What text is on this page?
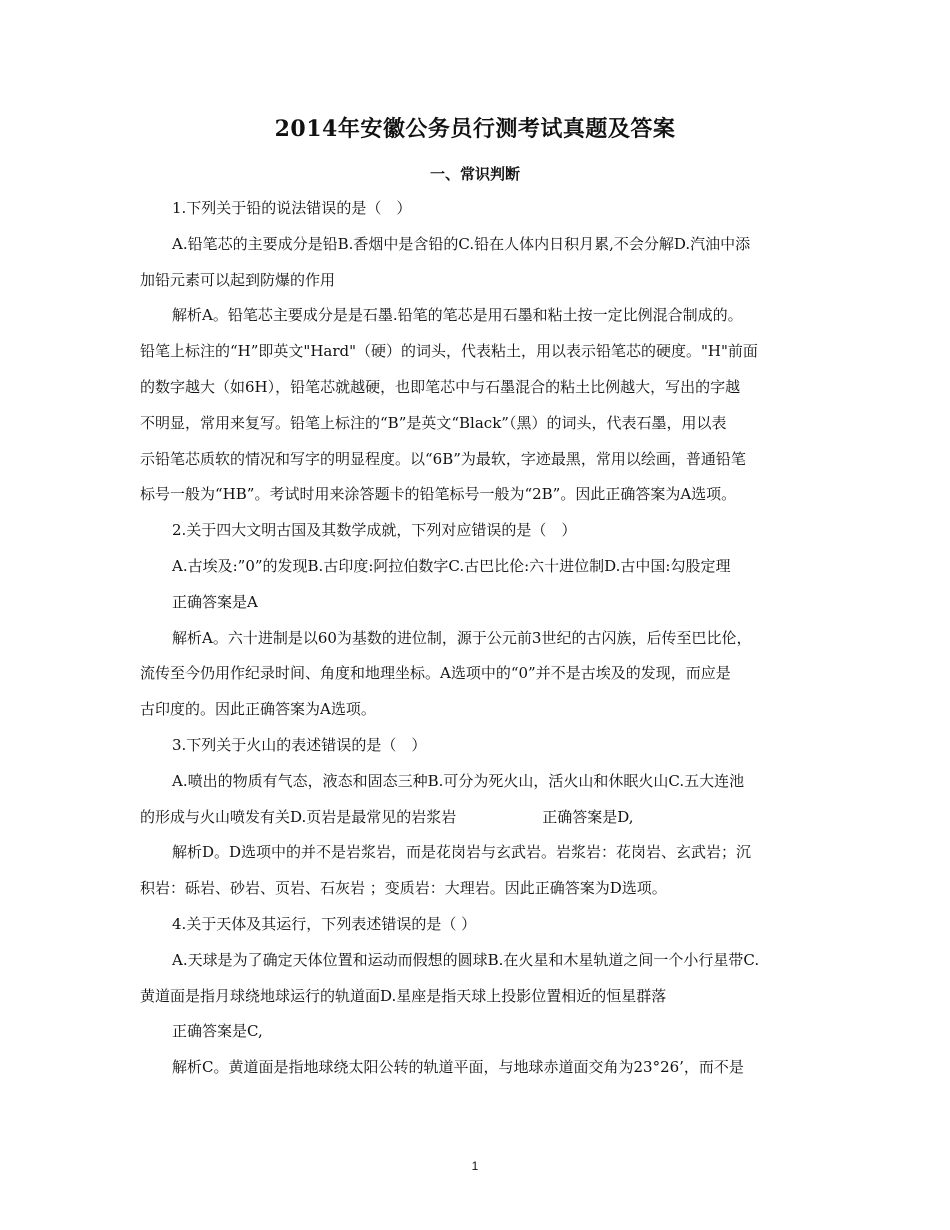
2014年安徽公务员行测考试真题及答案
一、常识判断
1.下列关于铅的说法错误的是（　）
A.铅笔芯的主要成分是铅B.香烟中是含铅的C.铅在人体内日积月累,不会分解D.汽油中添
加铅元素可以起到防爆的作用
解析A。铅笔芯主要成分是是石墨.铅笔的笔芯是用石墨和粘土按一定比例混合制成的。
铅笔上标注的“H”即英文"Hard"（硬）的词头，代表粘土，用以表示铅笔芯的硬度。"H"前面
的数字越大（如6H），铅笔芯就越硬，也即笔芯中与石墨混合的粘土比例越大，写出的字越
不明显，常用来复写。铅笔上标注的“B”是英文“Black”（黑）的词头，代表石墨，用以表
示铅笔芯质软的情况和写字的明显程度。以“6B”为最软，字迹最黑，常用以绘画，普通铅笔
标号一般为“HB”。考试时用来涂答题卡的铅笔标号一般为“2B”。因此正确答案为A选项。
2.关于四大文明古国及其数学成就，下列对应错误的是（　）
A.古埃及:”0”的发现B.古印度:阿拉伯数字C.古巴比伦:六十进位制D.古中国:勾股定理
正确答案是A
解析A。六十进制是以60为基数的进位制，源于公元前3世纪的古闪族，后传至巴比伦，
流传至今仍用作纪录时间、角度和地理坐标。A选项中的“0”并不是古埃及的发现，而应是
古印度的。因此正确答案为A选项。
3.下列关于火山的表述错误的是（　）
A.喷出的物质有气态，液态和固态三种B.可分为死火山，活火山和休眠火山C.五大连池
的形成与火山喷发有关D.页岩是最常见的岩浆岩	正确答案是D,
解析D。D选项中的并不是岩浆岩，而是花岗岩与玄武岩。岩浆岩：花岗岩、玄武岩；沉
积岩：砾岩、砂岩、页岩、石灰岩 ；变质岩：大理岩。因此正确答案为D选项。
4.关于天体及其运行，下列表述错误的是（ ）
A.天球是为了确定天体位置和运动而假想的圆球B.在火星和木星轨道之间一个小行星带C.
黄道面是指月球绕地球运行的轨道面D.星座是指天球上投影位置相近的恒星群落
正确答案是C,
解析C。黄道面是指地球绕太阳公转的轨道平面，与地球赤道面交角为23°26’，而不是
1
